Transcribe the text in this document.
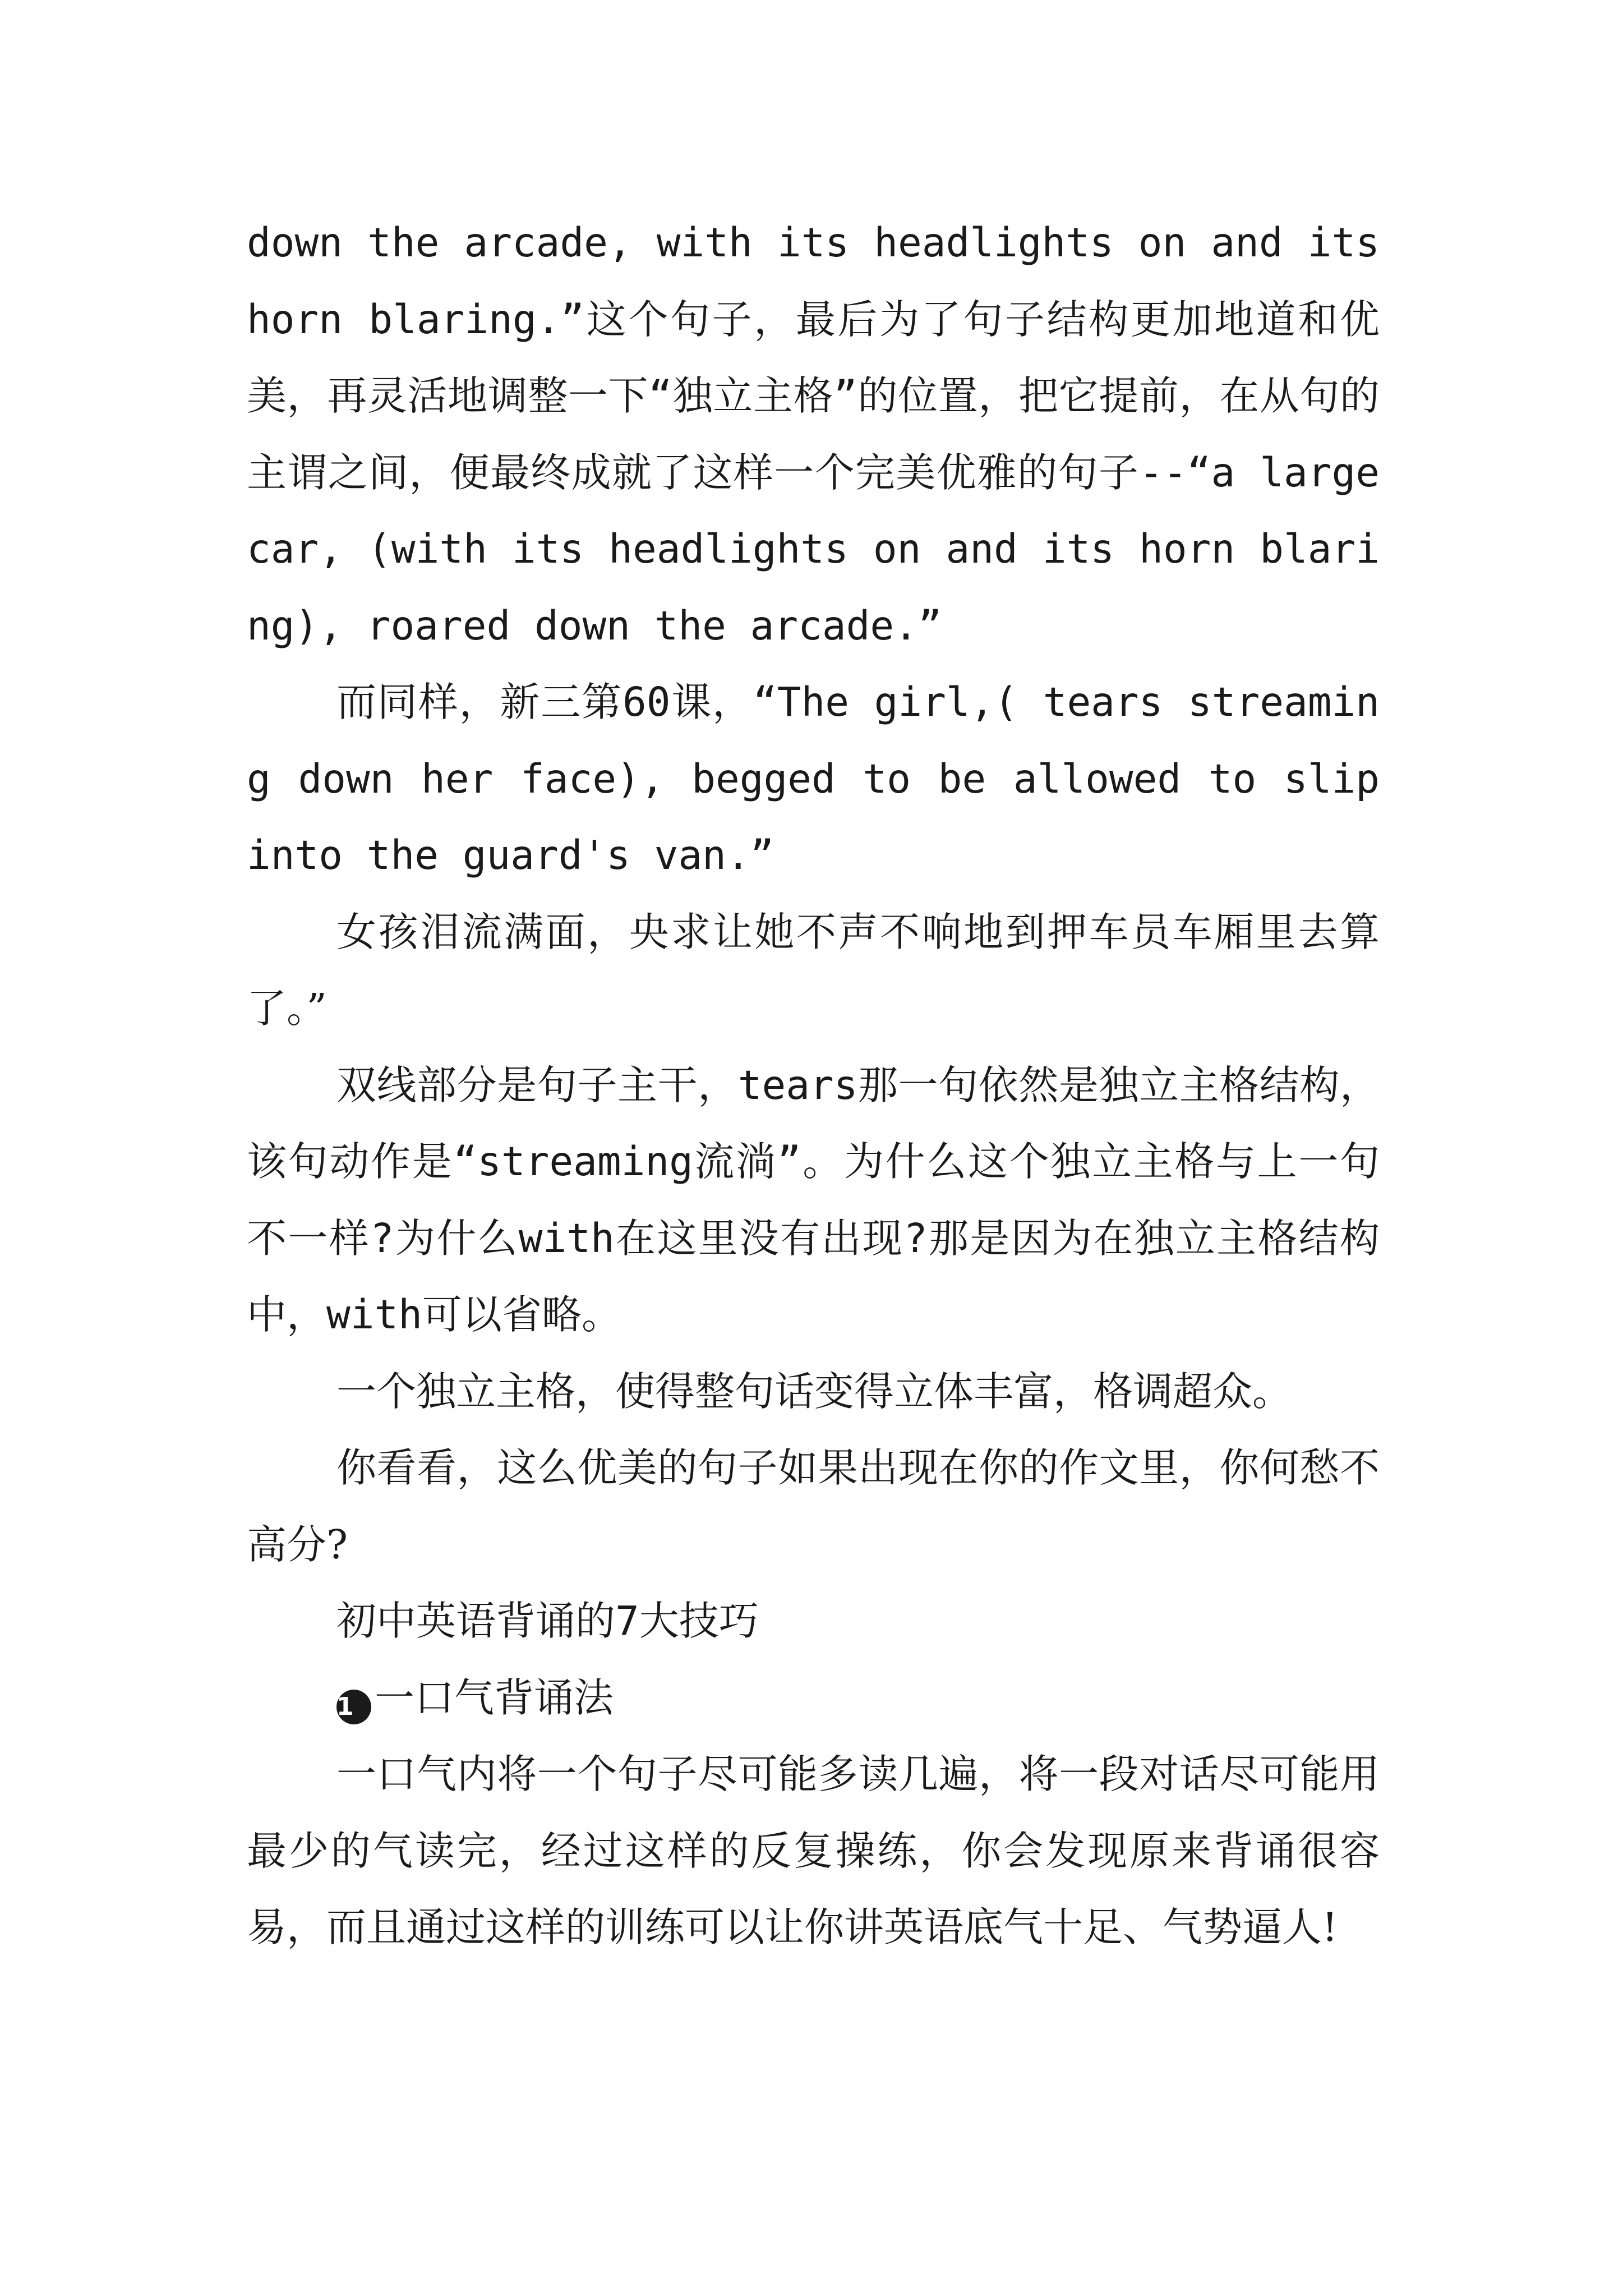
down the arcade, with its headlights on and its horn blaring.”这个句子，最后为了句子结构更加地道和优美，再灵活地调整一下“独立主格”的位置，把它提前，在从句的主谓之间，便最终成就了这样一个完美优雅的句子--“a large car, (with its headlights on and its horn blaring), roared down the arcade.”

而同样，新三第60课，“The girl,( tears streaming down her face), begged to be allowed to slip into the guard's van.”

女孩泪流满面，央求让她不声不响地到押车员车厢里去算了。”

双线部分是句子主干，tears那一句依然是独立主格结构，该句动作是“streaming流淌”。为什么这个独立主格与上一句不一样?为什么with在这里没有出现?那是因为在独立主格结构中，with可以省略。

一个独立主格，使得整句话变得立体丰富，格调超众。

你看看，这么优美的句子如果出现在你的作文里，你何愁不高分?

初中英语背诵的7大技巧

1 一口气背诵法

一口气内将一个句子尽可能多读几遍，将一段对话尽可能用最少的气读完，经过这样的反复操练，你会发现原来背诵很容易，而且通过这样的训练可以让你讲英语底气十足、气势逼人!
